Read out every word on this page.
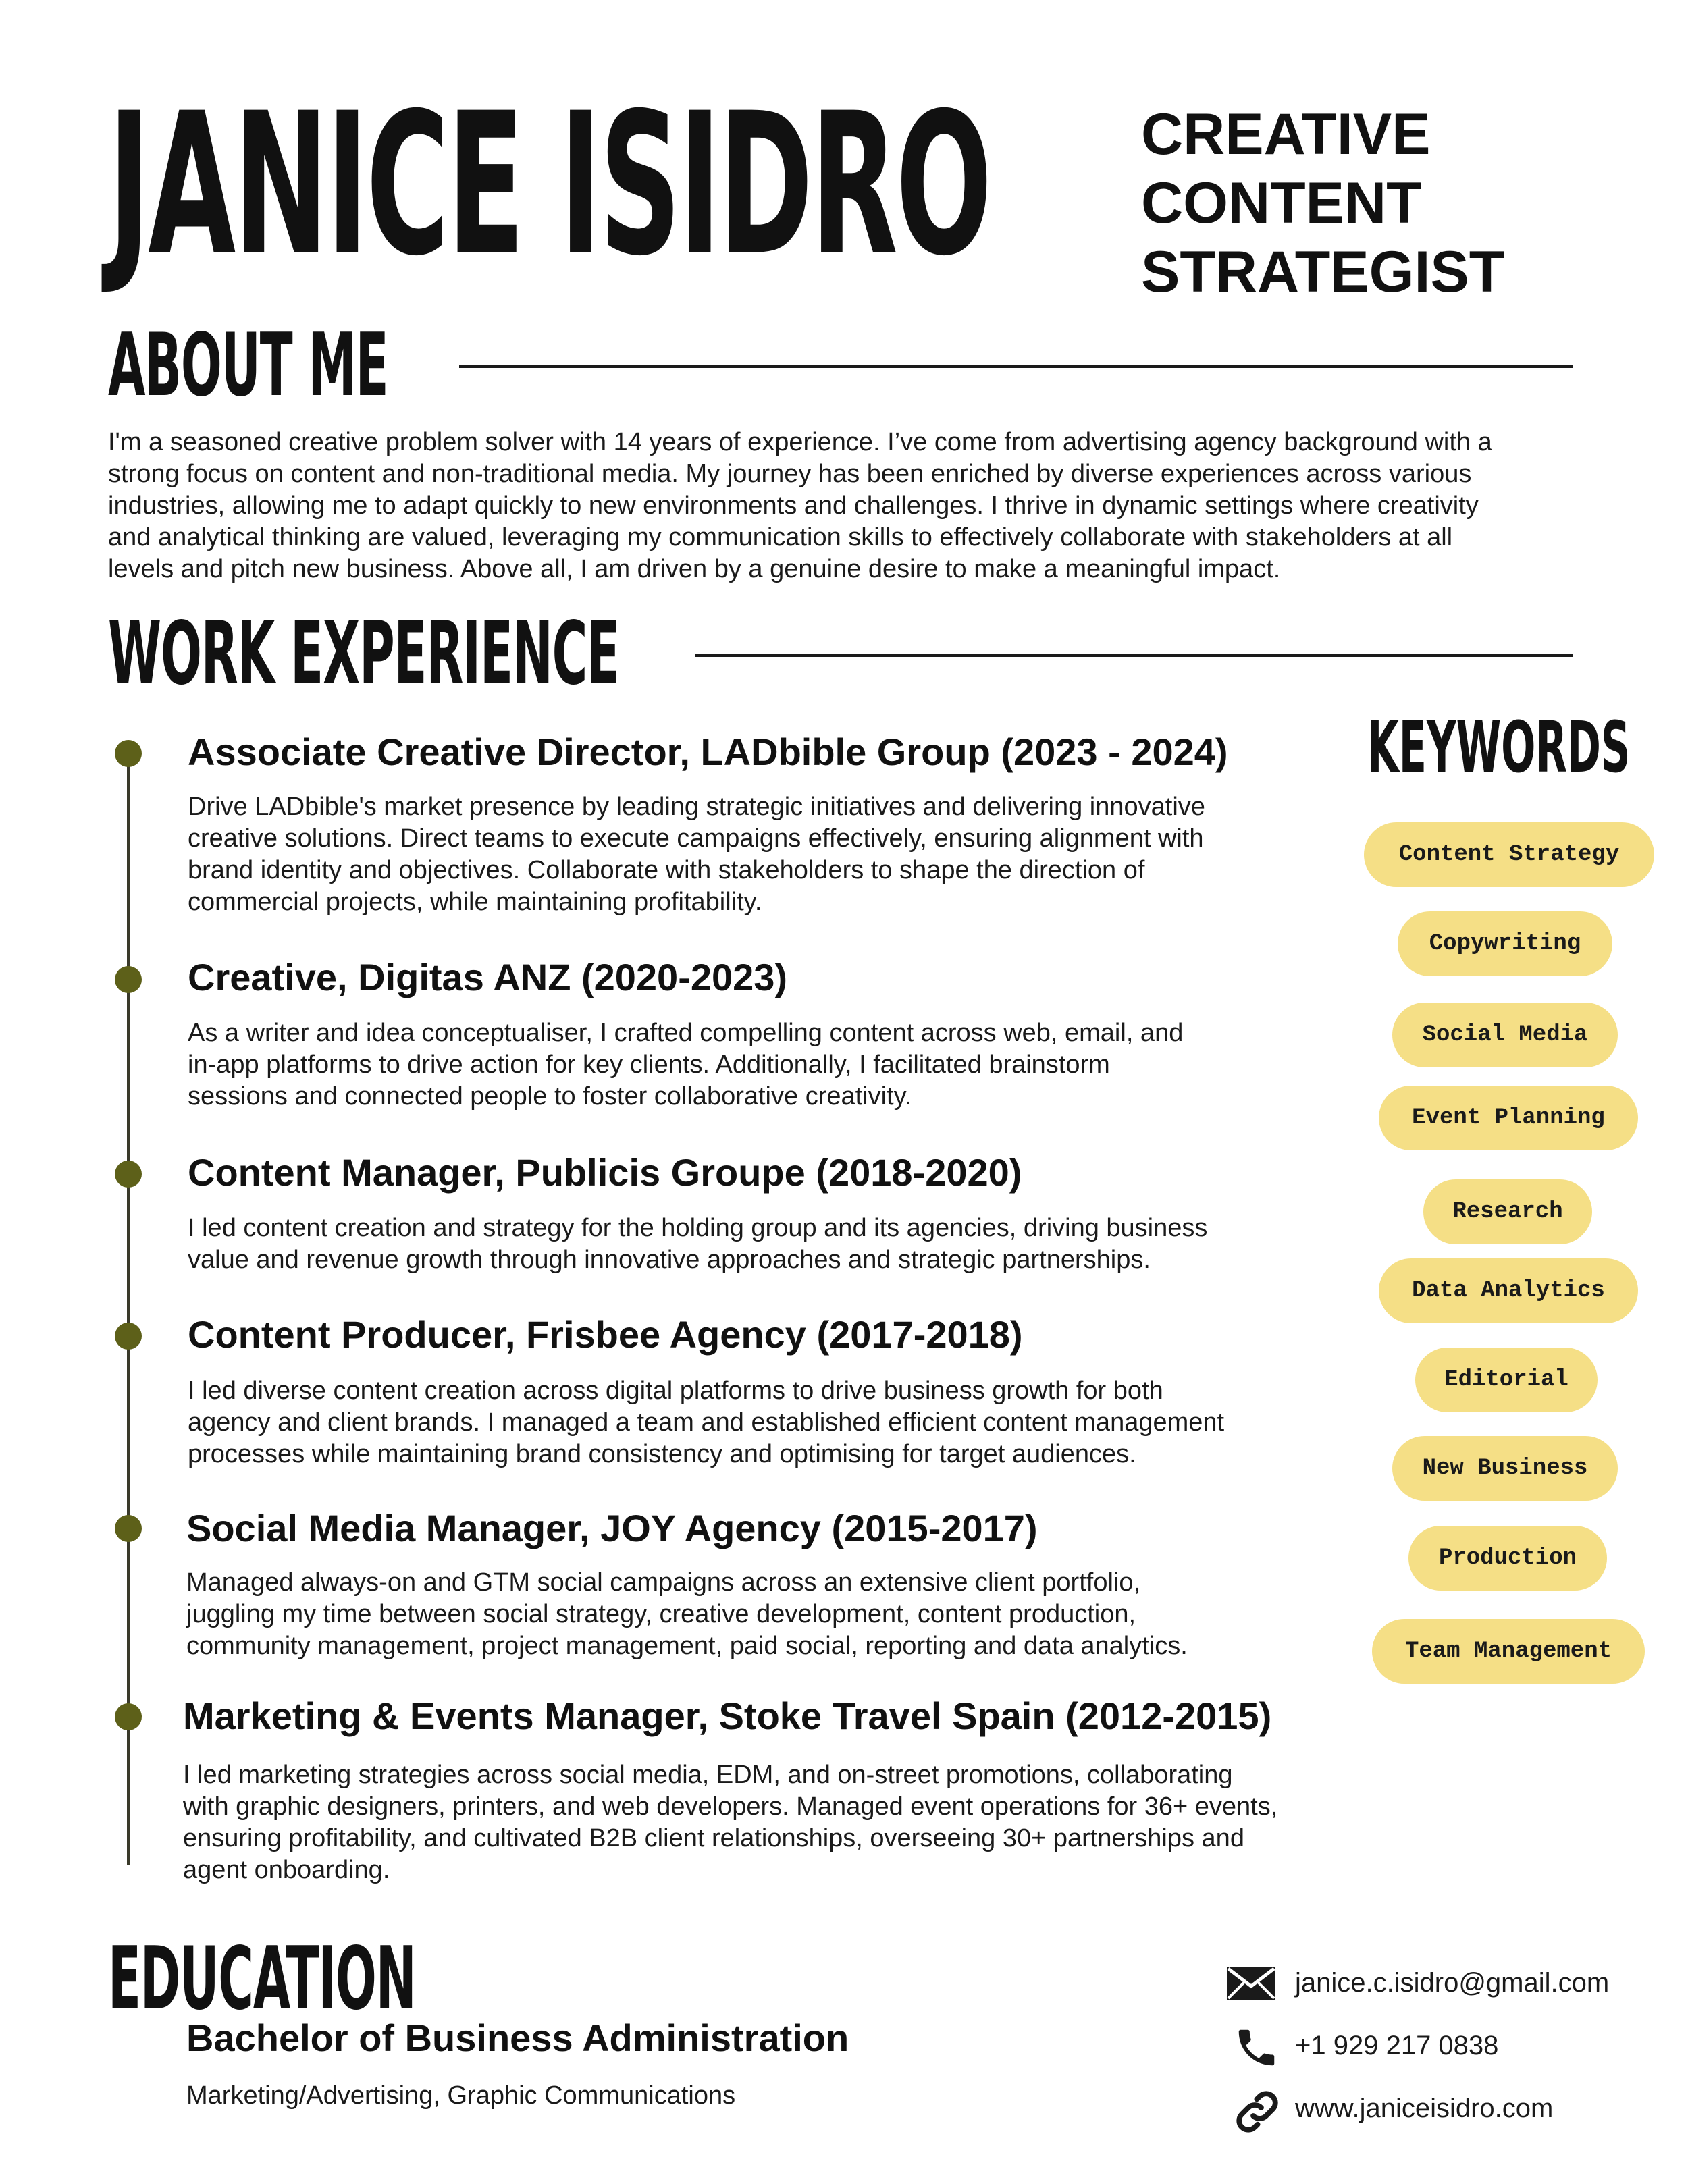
JANICE ISIDRO	CREATIVE
CONTENT
STRATEGIST
ABOUT ME
I'm a seasoned creative problem solver with 14 years of experience. I’ve come from advertising agency background with a
strong focus on content and non-traditional media. My journey has been enriched by diverse experiences across various
industries, allowing me to adapt quickly to new environments and challenges. I thrive in dynamic settings where creativity
and analytical thinking are valued, leveraging my communication skills to effectively collaborate with stakeholders at all
levels and pitch new business. Above all, I am driven by a genuine desire to make a meaningful impact.
WORK EXPERIENCE
Associate Creative Director, LADbible Group (2023 - 2024)
Drive LADbible's market presence by leading strategic initiatives and delivering innovative
creative solutions. Direct teams to execute campaigns effectively, ensuring alignment with
brand identity and objectives. Collaborate with stakeholders to shape the direction of
commercial projects, while maintaining profitability.
Creative, Digitas ANZ (2020-2023)
As a writer and idea conceptualiser, I crafted compelling content across web, email, and
in-app platforms to drive action for key clients. Additionally, I facilitated brainstorm
sessions and connected people to foster collaborative creativity.
Content Manager, Publicis Groupe (2018-2020)
I led content creation and strategy for the holding group and its agencies, driving business
value and revenue growth through innovative approaches and strategic partnerships.
Content Producer, Frisbee Agency (2017-2018)
I led diverse content creation across digital platforms to drive business growth for both
agency and client brands. I managed a team and established efficient content management
processes while maintaining brand consistency and optimising for target audiences.
Social Media Manager, JOY Agency (2015-2017)
Managed always-on and GTM social campaigns across an extensive client portfolio,
juggling my time between social strategy, creative development, content production,
community management, project management, paid social, reporting and data analytics.
Marketing & Events Manager, Stoke Travel Spain (2012-2015)
I led marketing strategies across social media, EDM, and on-street promotions, collaborating
with graphic designers, printers, and web developers. Managed event operations for 36+ events,
ensuring profitability, and cultivated B2B client relationships, overseeing 30+ partnerships and
agent onboarding.
KEYWORDS
Content Strategy
Copywriting
Social Media
Event Planning
Research
Data Analytics
Editorial
New Business
Production
Team Management
EDUCATION
Bachelor of Business Administration
Marketing/Advertising, Graphic Communications
janice.c.isidro@gmail.com
+1 929 217 0838
www.janiceisidro.com
